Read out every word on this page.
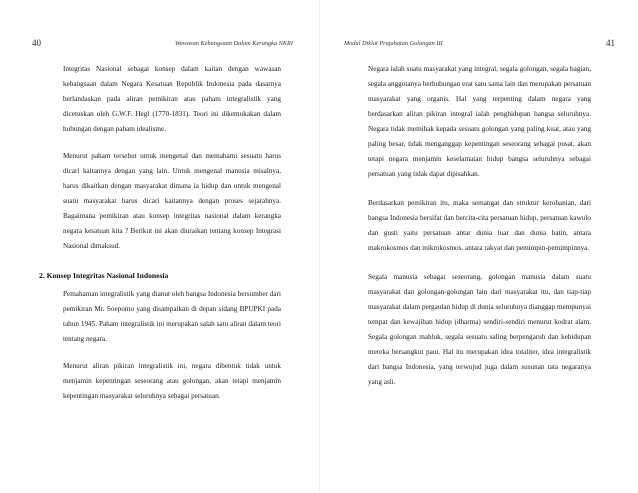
40	Wawasan Kebangsaan Dalam Kerangka NKRI

Integritas Nasional sebagai konsep dalam kaitan dengan wawasan kebangsaan dalam Negara Kesatuan Republik Indonesia pada dasarnya berlandaskan pada aliran pemikiran atau paham integralistik yang dicetuskan oleh G.W.F. Hegl (1770-1831). Teori ini dikemukakan dalam hubungan dengan paham idealisme.

Menurut paham tersebut untuk mengenal dan memahami sesuatu harus dicari kaitannya dengan yang lain. Untuk mengenal manusia misalnya, harus dikaitkan dengan masyarakat dimana ia hidup dan untuk mengenal suatu masyarakat harus dicari kaitannya dengan proses sejarahnya. Bagaimana pemikiran atau konsep integritas nasional dalam kerangka negara kesatuan kita ? Berikut ini akan diuraikan tentang konsep Integrasi Nasional dimaksud.

2. Konsep Integritas Nasional Indonesia

Pemahaman integralistik yang dianut oleh bangsa Indonesia bersumber dari pemikiran Mr. Soepomo yang disampaikan di depan sidang BPUPKI pada tahun 1945. Paham integralistik ini merupakan salah satu aliran dalam teori tentang negara.

Menurut aliran pikiran integralistik ini, negara dibentuk tidak untuk menjamin kepentingan seseorang atau golongan, akan tetapi menjamin kepentingan masyarakat seluruhnya sebagai persatuan.

Modul Diklat Prajabatan Golongan III	41

Negara ialah suatu masyarakat yang integral, segala golongan, segala bagian, segala anggotanya berhubungan erat satu sama lain dan merupakan persatuan masyarakat yang organis. Hal yang terpenting dalam negara yang berdasarkan aliran pikiran integral ialah penghidupan bangsa seluruhnya. Negara tidak memihak kepada sesuatu golongan yang paling kuat, atau yang paling besar, tidak menganggap kepentingan seseorang sebagai pusat, akan tetapi negara menjamin keselamatan hidup bangsa seluruhnya sebagai persatuan yang tidak dapat dipisahkan.

Berdasarkan pemikiran itu, maka semangat dan struktur kerohanian, dari bangsa Indonesia bersifat dan bercita-cita persatuan hidup, persatuan kawulo dan gusti yaitu persatuan antar dunia luar dan dunia batin, antara makrokosmos dan mikrokosmos, antara rakyat dan pemimpin-pemimpinnya.

Segala manusia sebagai seseorang, golongan manusia dalam suatu masyarakat dan golongan-golongan lain dari masyarakat itu, dan tiap-tiap masyarakat dalam pergaulan hidup di dunia seluruhnya dianggap mempunyai tempat dan kewajiban hidup (dharma) sendiri-sendiri menurut kodrat alam. Segala golongan mahluk, segala sesuatu saling berpengaruh dan kehidupan mereka bersangkut paut. Hal itu merupakan idea totaliter, idea integralistik dari bangsa Indonesia, yang terwujud juga dalam susunan tata negaranya yang asli.
